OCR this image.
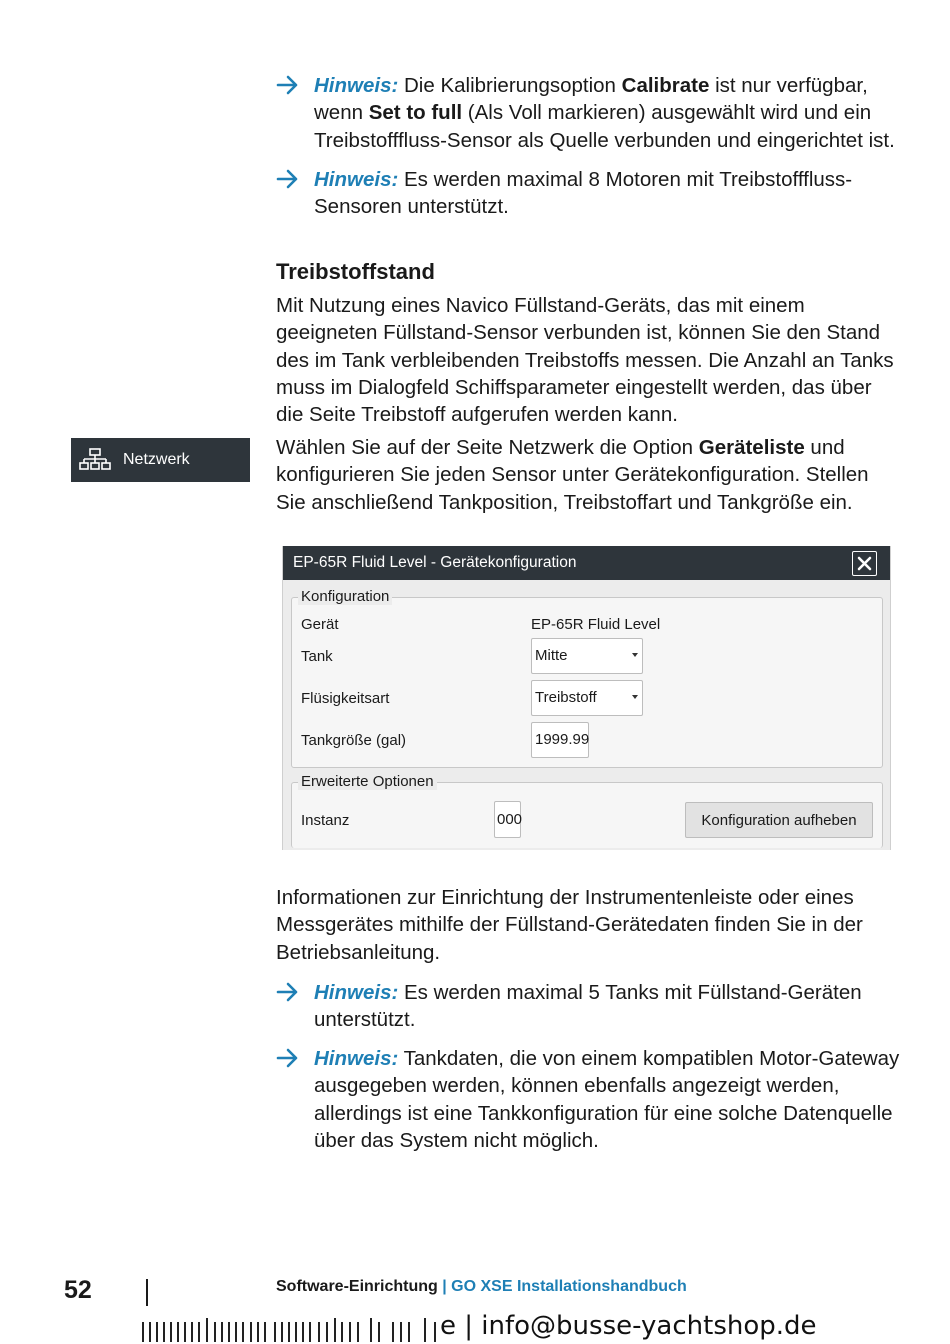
Hinweis: Die Kalibrierungsoption Calibrate ist nur verfügbar, wenn Set to full (Als Voll markieren) ausgewählt wird und ein Treibstofffluss-Sensor als Quelle verbunden und eingerichtet ist.
Hinweis: Es werden maximal 8 Motoren mit Treibstofffluss-Sensoren unterstützt.
Treibstoffstand
Mit Nutzung eines Navico Füllstand-Geräts, das mit einem geeigneten Füllstand-Sensor verbunden ist, können Sie den Stand des im Tank verbleibenden Treibstoffs messen. Die Anzahl an Tanks muss im Dialogfeld Schiffsparameter eingestellt werden, das über die Seite Treibstoff aufgerufen werden kann.
Wählen Sie auf der Seite Netzwerk die Option Geräteliste und konfigurieren Sie jeden Sensor unter Gerätekonfiguration. Stellen Sie anschließend Tankposition, Treibstoffart und Tankgröße ein.
Netzwerk
EP-65R Fluid Level - Gerätekonfiguration
Konfiguration
Gerät	EP-65R Fluid Level
Tank	Mitte
Flüsigkeitsart	Treibstoff
Tankgröße (gal)	1999.99
Erweiterte Optionen
Instanz	000	Konfiguration aufheben
Informationen zur Einrichtung der Instrumentenleiste oder eines Messgerätes mithilfe der Füllstand-Gerätedaten finden Sie in der Betriebsanleitung.
Hinweis: Es werden maximal 5 Tanks mit Füllstand-Geräten unterstützt.
Hinweis: Tankdaten, die von einem kompatiblen Motor-Gateway ausgegeben werden, können ebenfalls angezeigt werden, allerdings ist eine Tankkonfiguration für eine solche Datenquelle über das System nicht möglich.
52	Software-Einrichtung | GO XSE Installationshandbuch
e | info@busse-yachtshop.de
